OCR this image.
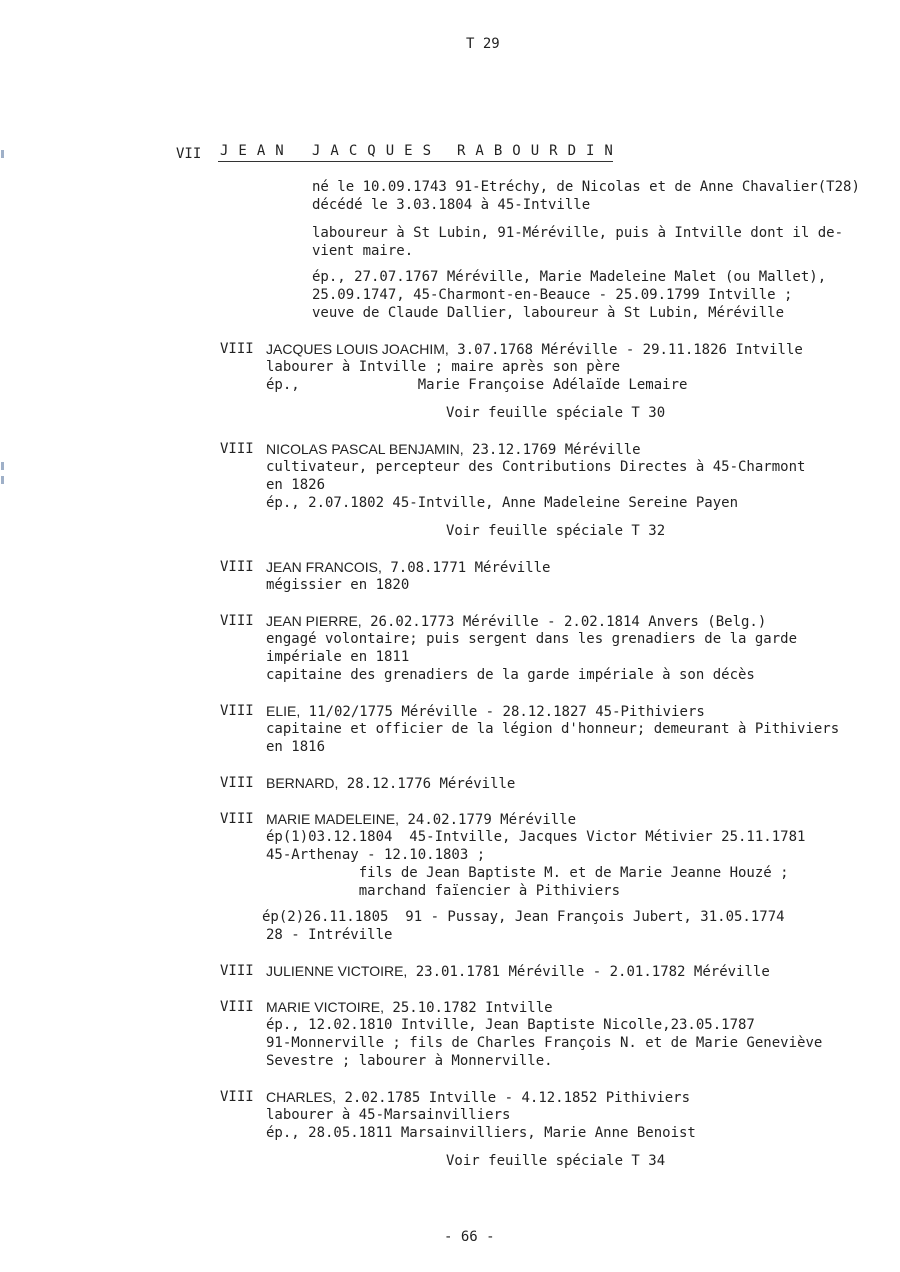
T 29
VII JEAN JACQUES RABOURDIN
né le 10.09.1743 91-Etréchy, de Nicolas et de Anne Chavalier(T28)
décédé le 3.03.1804 à 45-Intville
laboureur à St Lubin, 91-Méréville, puis à Intville dont il de-
vient maire.
ép., 27.07.1767 Méréville, Marie Madeleine Malet (ou Mallet),
25.09.1747, 45-Charmont-en-Beauce - 25.09.1799 Intville ;
veuve de Claude Dallier, laboureur à St Lubin, Méréville
VIII JACQUES LOUIS JOACHIM, 3.07.1768 Méréville - 29.11.1826 Intville
labourer à Intville ; maire après son père
ép.,              Marie Françoise Adélaïde Lemaire
Voir feuille spéciale T 30
VIII NICOLAS PASCAL BENJAMIN, 23.12.1769 Méréville
cultivateur, percepteur des Contributions Directes à 45-Charmont
en 1826
ép., 2.07.1802 45-Intville, Anne Madeleine Sereine Payen
Voir feuille spéciale T 32
VIII JEAN FRANCOIS, 7.08.1771 Méréville
mégissier en 1820
VIII JEAN PIERRE, 26.02.1773 Méréville - 2.02.1814 Anvers (Belg.)
engagé volontaire; puis sergent dans les grenadiers de la garde
impériale en 1811
capitaine des grenadiers de la garde impériale à son décès
VIII ELIE, 11/02/1775 Méréville - 28.12.1827 45-Pithiviers
capitaine et officier de la légion d'honneur; demeurant à Pithiviers
en 1816
VIII BERNARD, 28.12.1776 Méréville
VIII MARIE MADELEINE, 24.02.1779 Méréville
ép(1)03.12.1804  45-Intville, Jacques Victor Métivier 25.11.1781
45-Arthenay - 12.10.1803 ;
fils de Jean Baptiste M. et de Marie Jeanne Houzé ;
marchand faïencier à Pithiviers
ép(2)26.11.1805  91 - Pussay, Jean François Jubert, 31.05.1774
28 - Intréville
VIII JULIENNE VICTOIRE, 23.01.1781 Méréville - 2.01.1782 Méréville
VIII MARIE VICTOIRE, 25.10.1782 Intville
ép., 12.02.1810 Intville, Jean Baptiste Nicolle,23.05.1787
91-Monnerville ; fils de Charles François N. et de Marie Geneviève
Sevestre ; labourer à Monnerville.
VIII CHARLES, 2.02.1785 Intville - 4.12.1852 Pithiviers
labourer à 45-Marsainvilliers
ép., 28.05.1811 Marsainvilliers, Marie Anne Benoist
Voir feuille spéciale T 34
- 66 -
